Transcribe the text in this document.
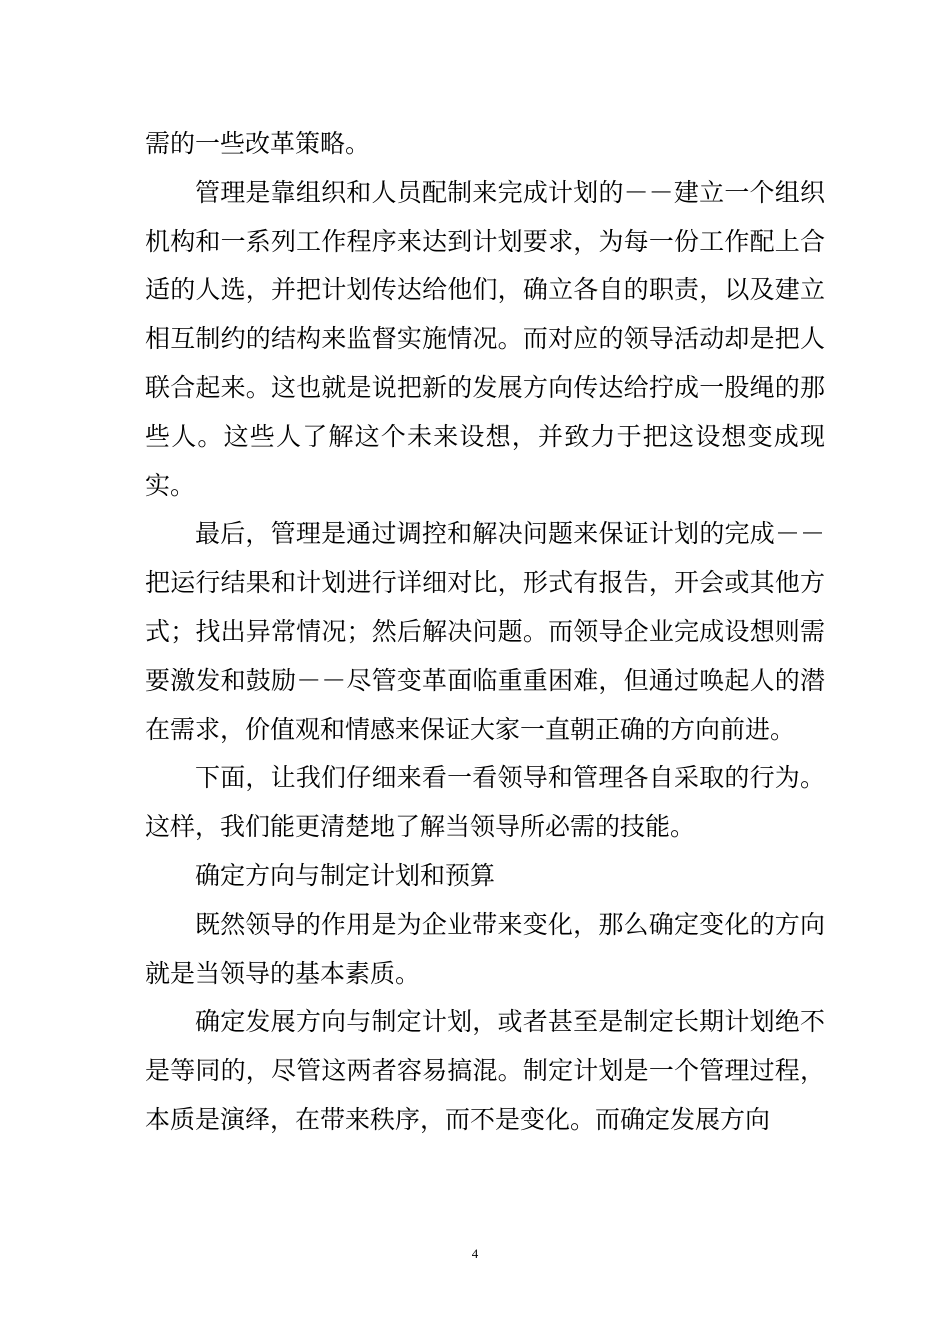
需的一些改革策略。

管理是靠组织和人员配制来完成计划的－－建立一个组织机构和一系列工作程序来达到计划要求，为每一份工作配上合适的人选，并把计划传达给他们，确立各自的职责，以及建立相互制约的结构来监督实施情况。而对应的领导活动却是把人联合起来。这也就是说把新的发展方向传达给拧成一股绳的那些人。这些人了解这个未来设想，并致力于把这设想变成现实。

最后，管理是通过调控和解决问题来保证计划的完成－－把运行结果和计划进行详细对比，形式有报告，开会或其他方式；找出异常情况；然后解决问题。而领导企业完成设想则需要激发和鼓励－－尽管变革面临重重困难，但通过唤起人的潜在需求，价值观和情感来保证大家一直朝正确的方向前进。

下面，让我们仔细来看一看领导和管理各自采取的行为。这样，我们能更清楚地了解当领导所必需的技能。

确定方向与制定计划和预算

既然领导的作用是为企业带来变化，那么确定变化的方向就是当领导的基本素质。

确定发展方向与制定计划，或者甚至是制定长期计划绝不是等同的，尽管这两者容易搞混。制定计划是一个管理过程，本质是演绎，在带来秩序，而不是变化。而确定发展方向

4
